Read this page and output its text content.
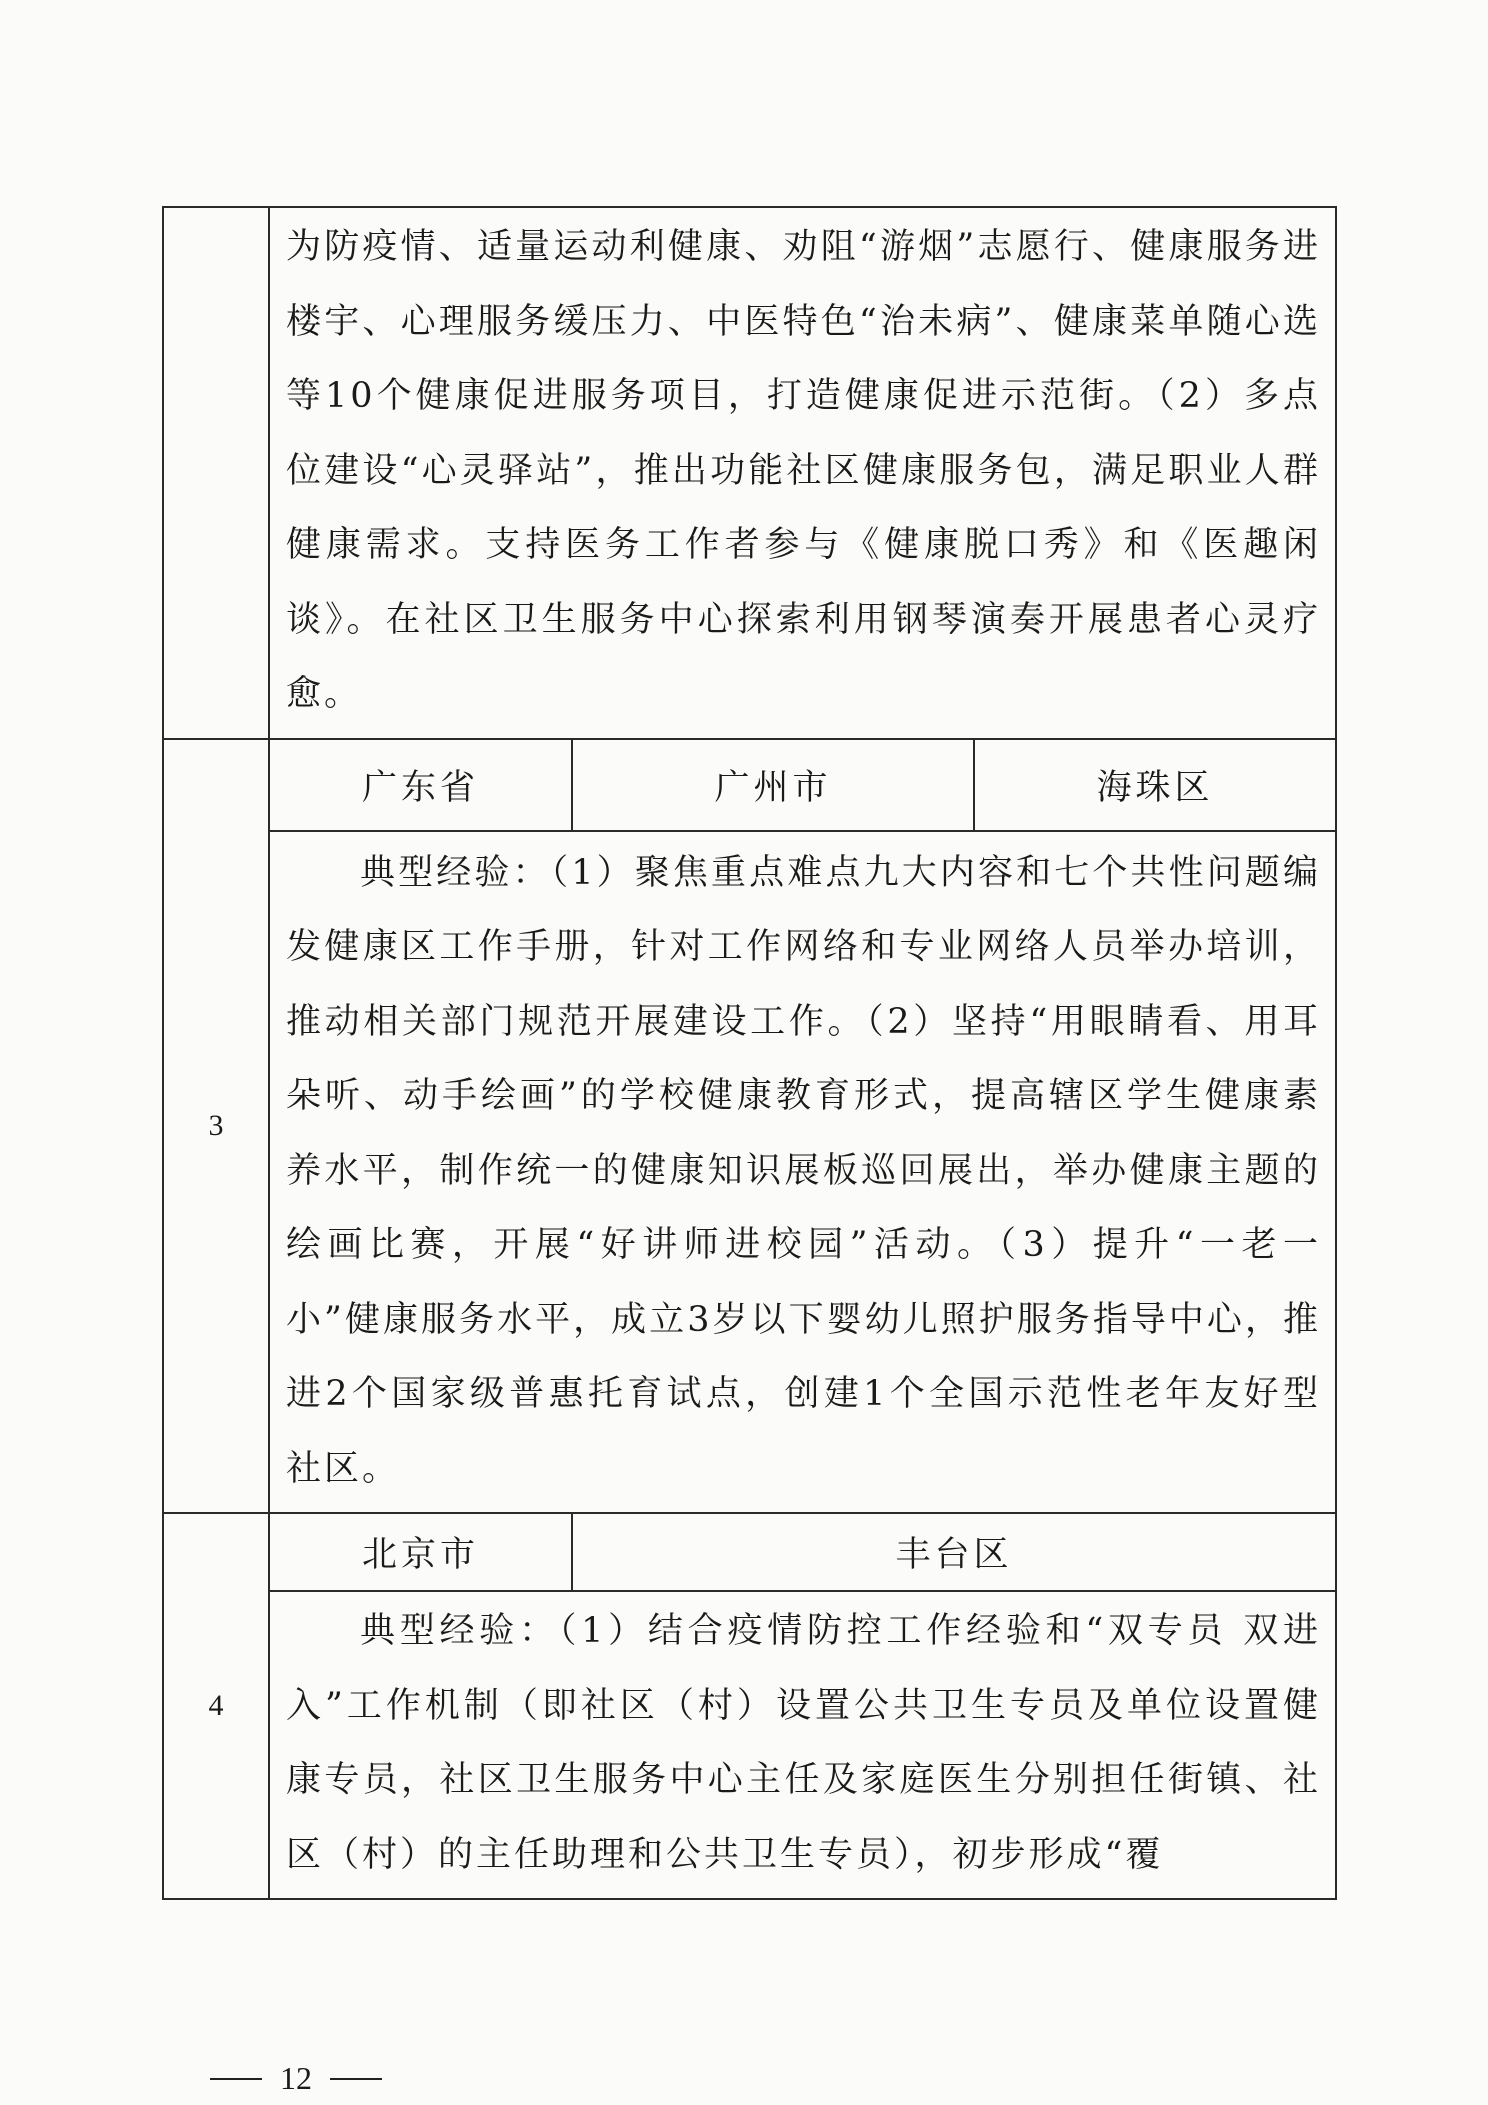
为防疫情、适量运动利健康、劝阻“游烟”志愿行、健康服务进楼宇、心理服务缓压力、中医特色“治未病”、健康菜单随心选等10个健康促进服务项目，打造健康促进示范街。（2）多点位建设“心灵驿站”，推出功能社区健康服务包，满足职业人群健康需求。支持医务工作者参与《健康脱口秀》和《医趣闲谈》。在社区卫生服务中心探索利用钢琴演奏开展患者心灵疗愈。

3	
广东省	广州市	海珠区
典型经验：（1）聚焦重点难点九大内容和七个共性问题编发健康区工作手册，针对工作网络和专业网络人员举办培训，推动相关部门规范开展建设工作。（2）坚持“用眼睛看、用耳朵听、动手绘画”的学校健康教育形式，提高辖区学生健康素养水平，制作统一的健康知识展板巡回展出，举办健康主题的绘画比赛，开展“好讲师进校园”活动。（3）提升“一老一小”健康服务水平，成立3岁以下婴幼儿照护服务指导中心，推进2个国家级普惠托育试点，创建1个全国示范性老年友好型社区。

4	
北京市	丰台区
典型经验：（1）结合疫情防控工作经验和“双专员 双进入”工作机制（即社区（村）设置公共卫生专员及单位设置健康专员，社区卫生服务中心主任及家庭医生分别担任街镇、社区（村）的主任助理和公共卫生专员），初步形成“覆
12
